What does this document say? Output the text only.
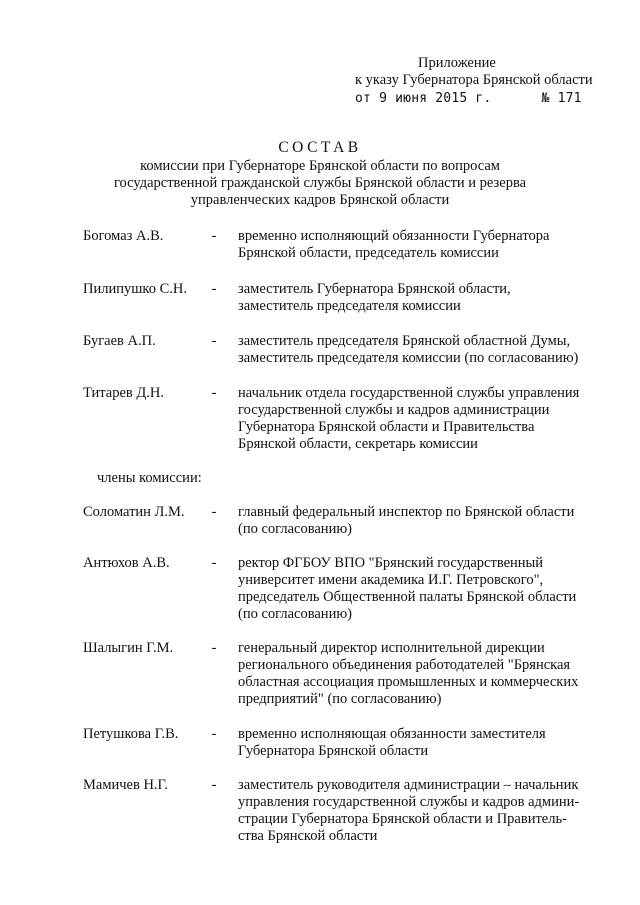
Приложение
к указу Губернатора Брянской области
от 9 июня 2015 г.	№ 171
СОСТАВ
комиссии при Губернаторе Брянской области по вопросам
государственной гражданской службы Брянской области и резерва
управленческих кадров Брянской области
Богомаз А.В.	- временно исполняющий обязанности Губернатора
Брянской области, председатель комиссии
Пилипушко С.Н.	- заместитель Губернатора Брянской области,
заместитель председателя комиссии
Бугаев А.П.	- заместитель председателя Брянской областной Думы,
заместитель председателя комиссии (по согласованию)
Титарев Д.Н.	- начальник отдела государственной службы управления
государственной службы и кадров администрации
Губернатора Брянской области и Правительства
Брянской области, секретарь комиссии
члены комиссии:
Соломатин Л.М.	- главный федеральный инспектор по Брянской области
(по согласованию)
Антюхов А.В.	- ректор ФГБОУ ВПО "Брянский государственный
университет имени академика И.Г. Петровского",
председатель Общественной палаты Брянской области
(по согласованию)
Шалыгин Г.М.	- генеральный директор исполнительной дирекции
регионального объединения работодателей "Брянская
областная ассоциация промышленных и коммерческих
предприятий" (по согласованию)
Петушкова Г.В.	- временно исполняющая обязанности заместителя
Губернатора Брянской области
Мамичев Н.Г.	- заместитель руководителя администрации – начальник
управления государственной службы и кадров админи-
страции Губернатора Брянской области и Правитель-
ства Брянской области
